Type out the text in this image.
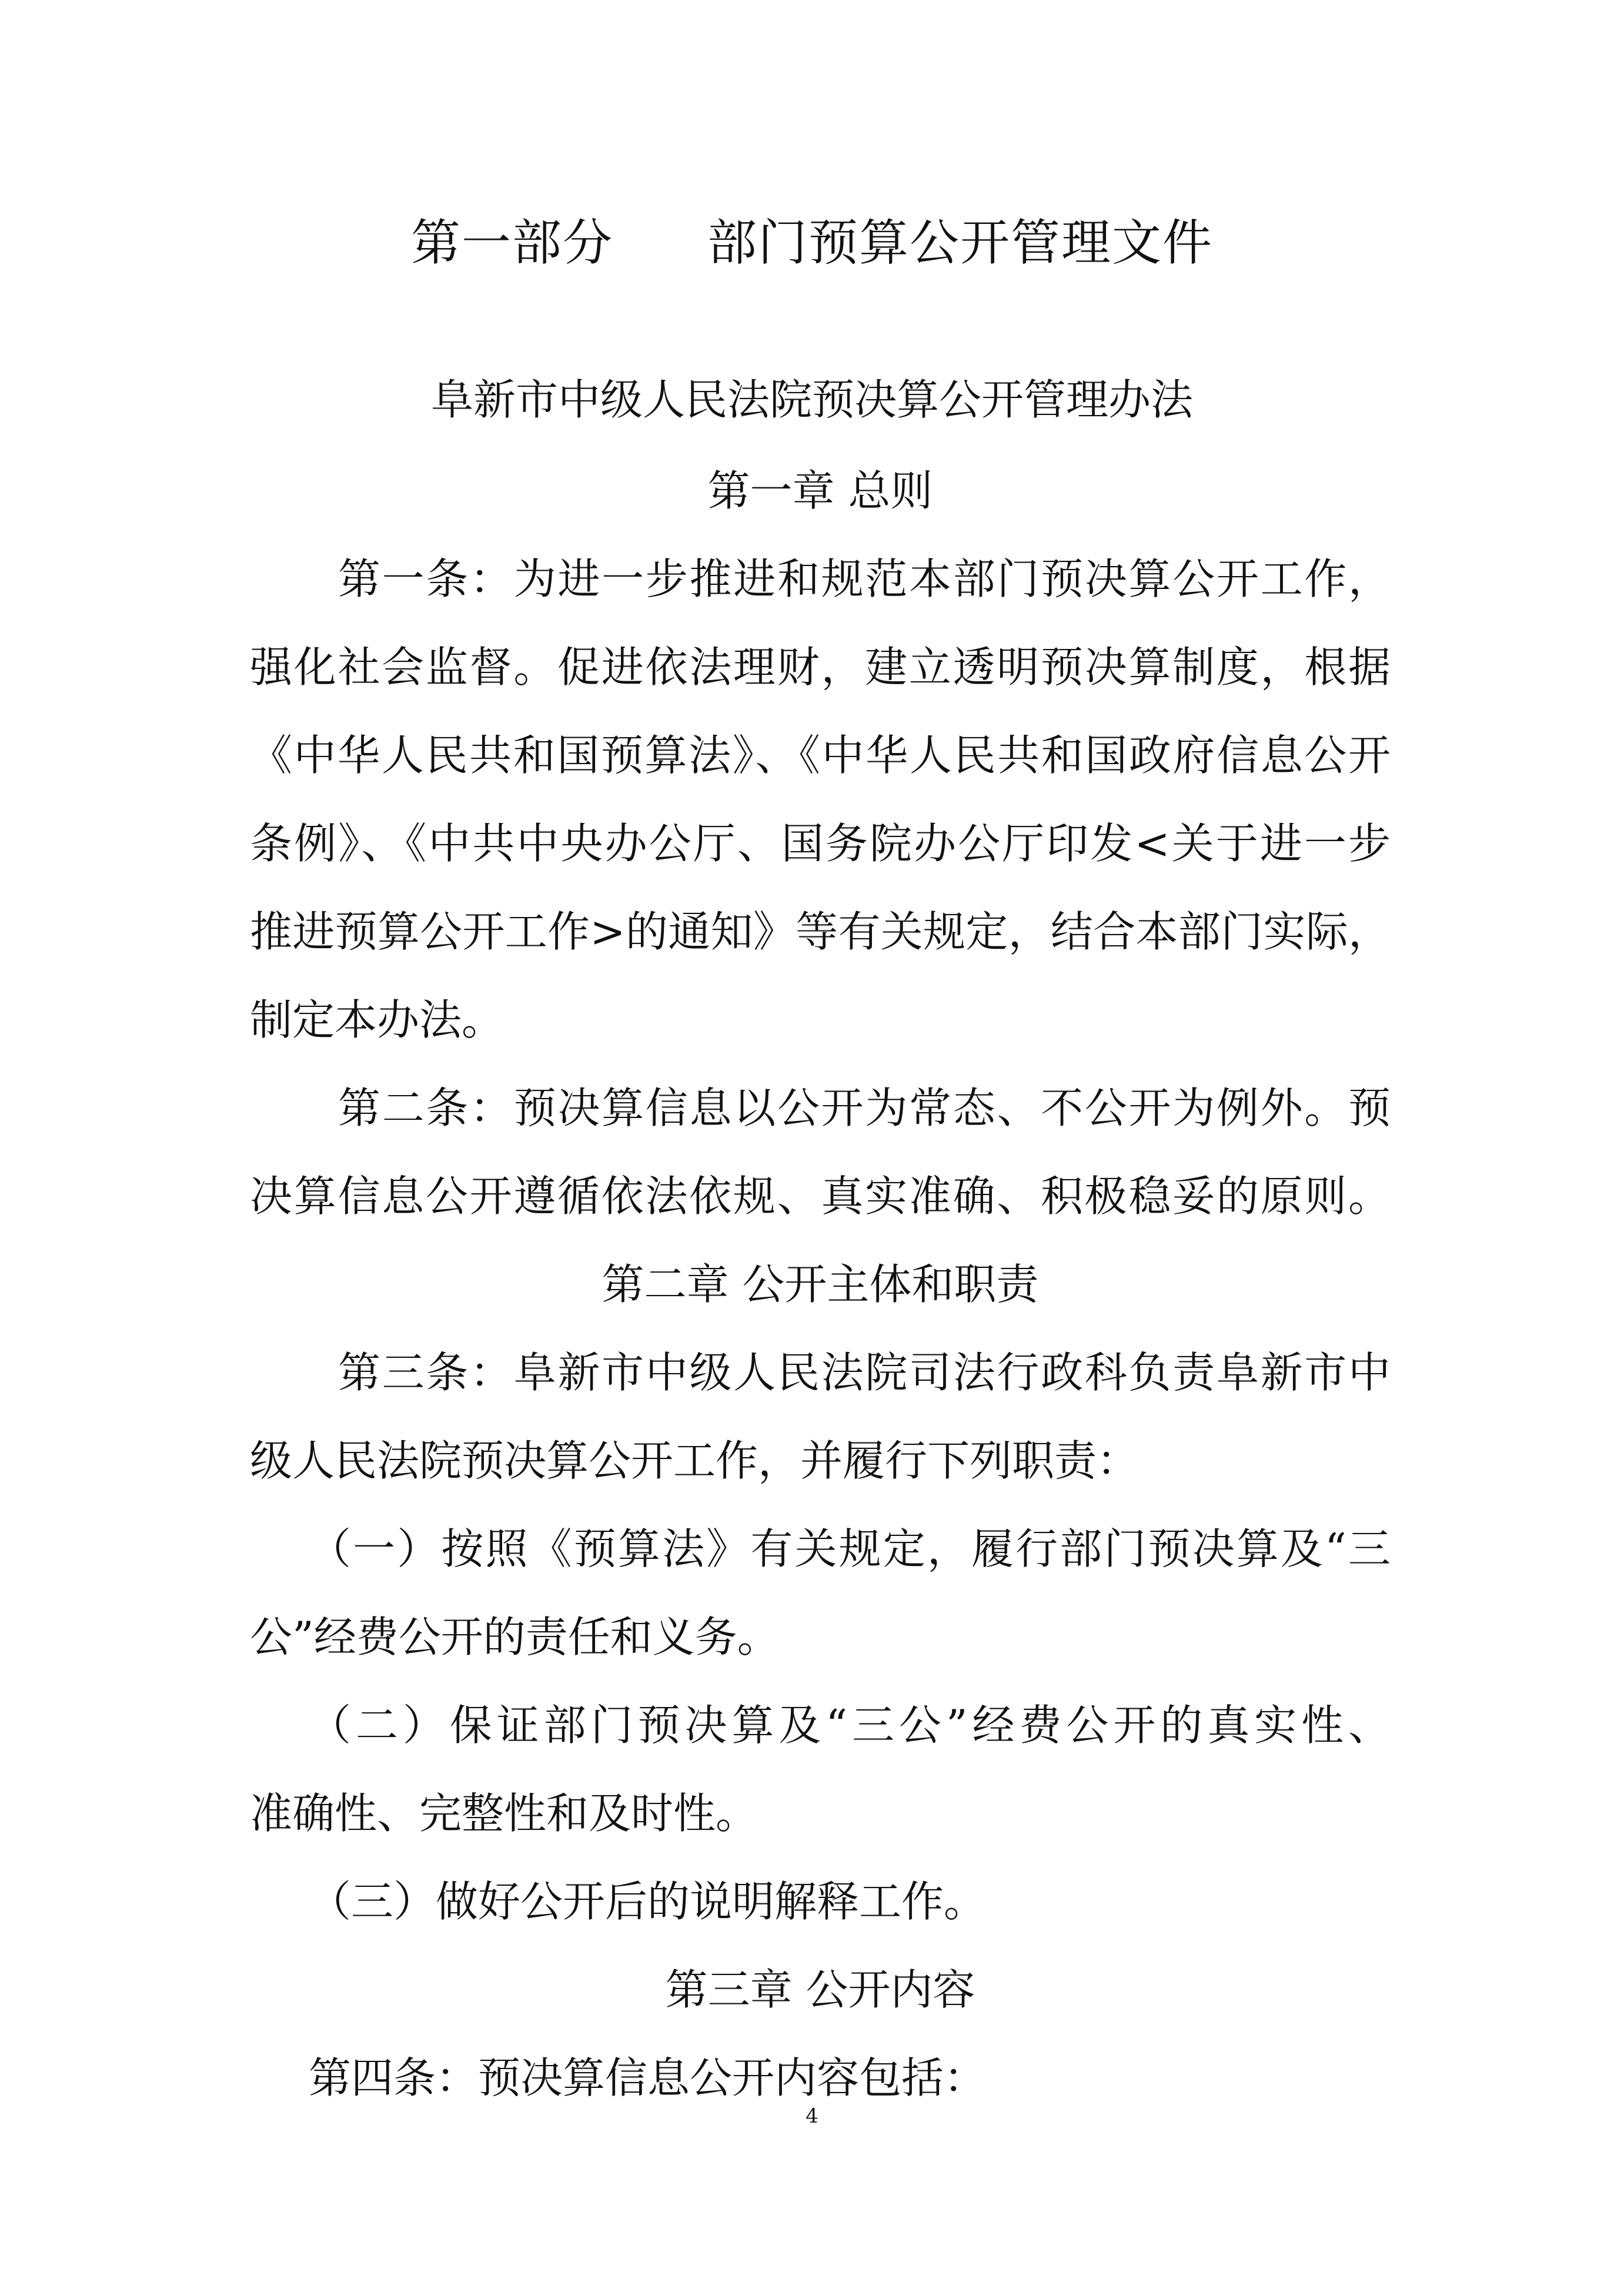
第一部分 部门预算公开管理文件
阜新市中级人民法院预决算公开管理办法
第一章 总则
第一条：为进一步推进和规范本部门预决算公开工作，
强化社会监督。促进依法理财，建立透明预决算制度，根据
《中华人民共和国预算法》、《中华人民共和国政府信息公开
条例》、《中共中央办公厅、国务院办公厅印发<关于进一步
推进预算公开工作>的通知》等有关规定，结合本部门实际，
制定本办法。
第二条：预决算信息以公开为常态、不公开为例外。预
决算信息公开遵循依法依规、真实准确、积极稳妥的原则。
第二章 公开主体和职责
第三条：阜新市中级人民法院司法行政科负责阜新市中
级人民法院预决算公开工作，并履行下列职责：
（一）按照《预算法》有关规定，履行部门预决算及“三
公”经费公开的责任和义务。
（二）保证部门预决算及“三公”经费公开的真实性、
准确性、完整性和及时性。
（三）做好公开后的说明解释工作。
第三章 公开内容
第四条：预决算信息公开内容包括：
4
